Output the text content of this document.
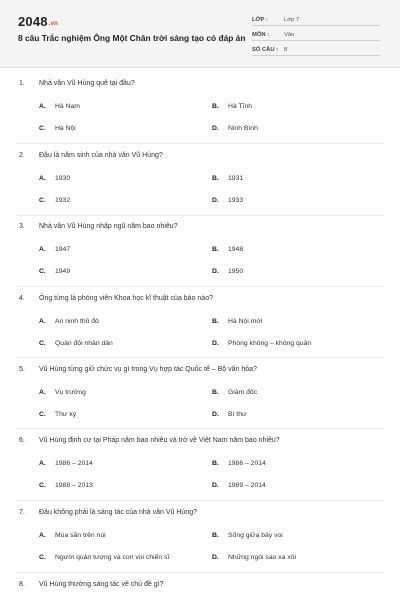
2048.vn
8 câu Trắc nghiệm Ông Một Chân trời sáng tạo có đáp án
LỚP :	Lớp 7
MÔN :	Văn
SỐ CÂU : 8
1. Nhà văn Vũ Hùng quê tại đâu?
A. Hà Nam	B. Hà Tĩnh
C. Hà Nội	D. Ninh Bình
2. Đâu là năm sinh của nhà văn Vũ Hùng?
A. 1930	B. 1931
C. 1932	D. 1933
3. Nhà văn Vũ Hùng nhập ngũ năm bao nhiêu?
A. 1947	B. 1948
C. 1949	D. 1950
4. Ông từng là phóng viên Khoa học kĩ thuật của báo nào?
A. An ninh thủ đô	B. Hà Nội mới
C. Quân đội nhân dân	D. Phòng không – không quân
5. Vũ Hùng từng giữ chức vụ gì trong Vụ hợp tác Quốc tế – Bộ văn hóa?
A. Vụ trưởng	B. Giám đốc
C. Thư ký	D. Bí thư
6. Vũ Hùng định cư tại Pháp năm bao nhiêu và trở về Việt Nam năm bao nhiêu?
A. 1986 – 2014	B. 1986 – 2014
C. 1988 – 2013	D. 1989 – 2014
7. Đâu không phải là sáng tác của nhà văn Vũ Hùng?
A. Mùa săn trên núi	B. Sống giữa bầy voi
C. Người quản tượng và con voi chiến sĩ	D. Những ngôi sao xa xôi
8. Vũ Hùng thường sáng tác về chủ đề gì?
